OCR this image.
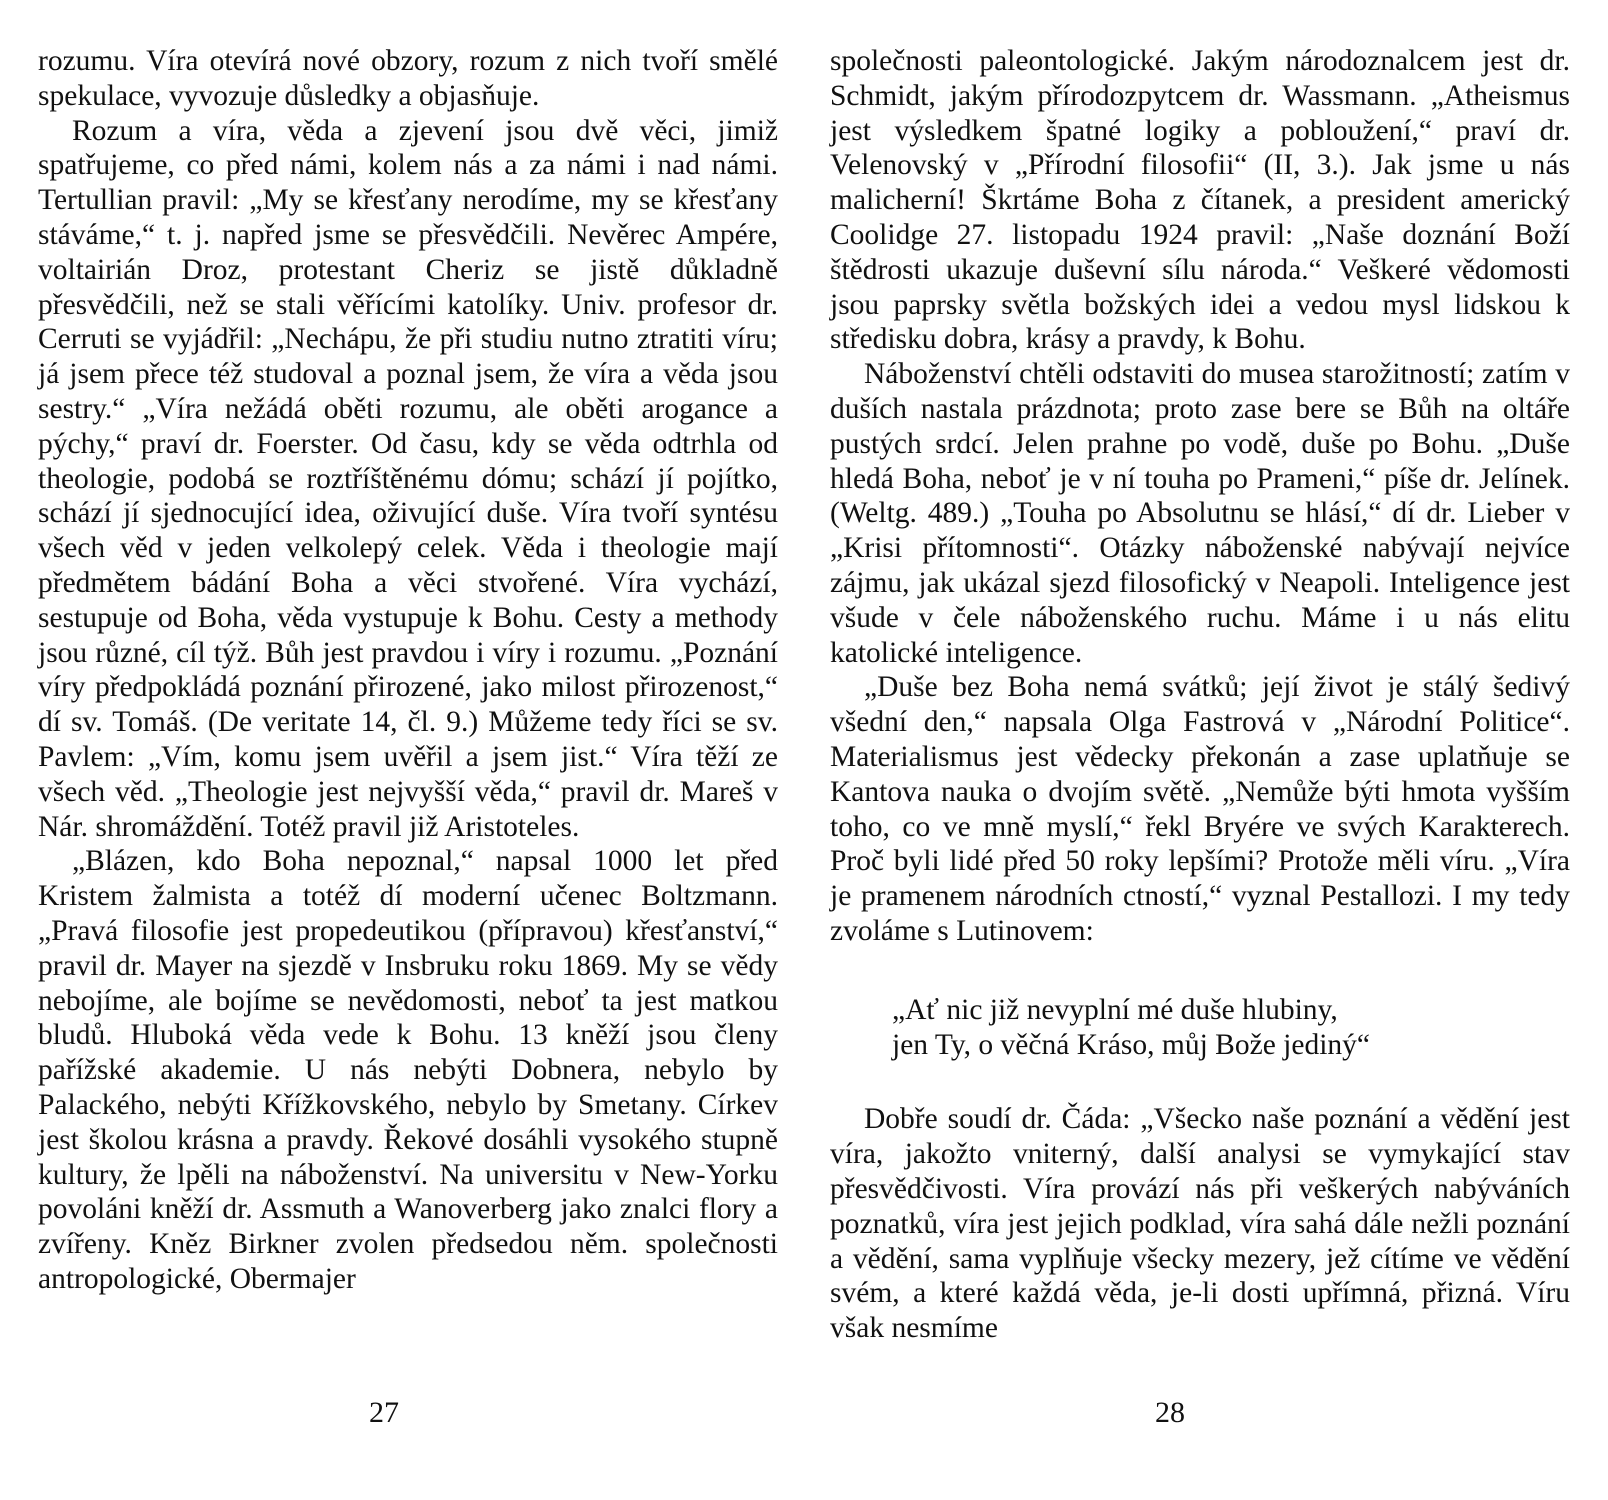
rozumu. Víra otevírá nové obzory, rozum z nich tvoří smělé spekulace, vyvozuje důsledky a objasňuje.

Rozum a víra, věda a zjevení jsou dvě věci, jimiž spatřujeme, co před námi, kolem nás a za námi i nad námi. Tertullian pravil: „My se křesťany nerodíme, my se křesťany stáváme,“ t. j. napřed jsme se přesvědčili. Nevěrec Ampére, voltairián Droz, protestant Cheriz se jistě důkladně přesvědčili, než se stali věřícími katolíky. Univ. profesor dr. Cerruti se vyjádřil: „Nechápu, že při studiu nutno ztratiti víru; já jsem přece též studoval a poznal jsem, že víra a věda jsou sestry.“ „Víra nežádá oběti rozumu, ale oběti arogance a pýchy,“ praví dr. Foerster. Od času, kdy se věda odtrhla od theologie, podobá se roztříštěnému dómu; schází jí pojítko, schází jí sjednocující idea, oživující duše. Víra tvoří syntésu všech věd v jeden velkolepý celek. Věda i theologie mají předmětem bádání Boha a věci stvořené. Víra vychází, sestupuje od Boha, věda vystupuje k Bohu. Cesty a methody jsou různé, cíl týž. Bůh jest pravdou i víry i rozumu. „Poznání víry předpokládá poznání přirozené, jako milost přirozenost,“ dí sv. Tomáš. (De veritate 14, čl. 9.) Můžeme tedy říci se sv. Pavlem: „Vím, komu jsem uvěřil a jsem jist.“ Víra těží ze všech věd. „Theologie jest nejvyšší věda,“ pravil dr. Mareš v Nár. shromáždění. Totéž pravil již Aristoteles.

„Blázen, kdo Boha nepoznal,“ napsal 1000 let před Kristem žalmista a totéž dí moderní učenec Boltzmann. „Pravá filosofie jest propedeutikou (přípravou) křesťanství,“ pravil dr. Mayer na sjezdě v Insbruku roku 1869. My se vědy nebojíme, ale bojíme se nevědomosti, neboť ta jest matkou bludů. Hluboká věda vede k Bohu. 13 kněží jsou členy pařížské akademie. U nás nebýti Dobnera, nebylo by Palackého, nebýti Křížkovského, nebylo by Smetany. Církev jest školou krásna a pravdy. Řekové dosáhli vysokého stupně kultury, že lpěli na náboženství. Na universitu v New-Yorku povoláni kněží dr. Assmuth a Wanoverberg jako znalci flory a zvířeny. Kněz Birkner zvolen předsedou něm. společnosti antropologické, Obermajer

27

společnosti paleontologické. Jakým národoznalcem jest dr. Schmidt, jakým přírodozpytcem dr. Wassmann. „Atheismus jest výsledkem špatné logiky a pobloužení,“ praví dr. Velenovský v „Přírodní filosofii“ (II, 3.). Jak jsme u nás malicherní! Škrtáme Boha z čítanek, a president americký Coolidge 27. listopadu 1924 pravil: „Naše doznání Boží štědrosti ukazuje duševní sílu národa.“ Veškeré vědomosti jsou paprsky světla božských idei a vedou mysl lidskou k středisku dobra, krásy a pravdy, k Bohu.

Náboženství chtěli odstaviti do musea starožitností; zatím v duších nastala prázdnota; proto zase bere se Bůh na oltáře pustých srdcí. Jelen prahne po vodě, duše po Bohu. „Duše hledá Boha, neboť je v ní touha po Prameni,“ píše dr. Jelínek. (Weltg. 489.) „Touha po Absolutnu se hlásí,“ dí dr. Lieber v „Krisi přítomnosti“. Otázky náboženské nabývají nejvíce zájmu, jak ukázal sjezd filosofický v Neapoli. Inteligence jest všude v čele náboženského ruchu. Máme i u nás elitu katolické inteligence.

„Duše bez Boha nemá svátků; její život je stálý šedivý všední den,“ napsala Olga Fastrová v „Národní Politice“. Materialismus jest vědecky překonán a zase uplatňuje se Kantova nauka o dvojím světě. „Nemůže býti hmota vyšším toho, co ve mně myslí,“ řekl Bryére ve svých Karakterech. Proč byli lidé před 50 roky lepšími? Protože měli víru. „Víra je pramenem národních ctností,“ vyznal Pestallozi. I my tedy zvoláme s Lutinovem:

„Ať nic již nevyplní mé duše hlubiny,
jen Ty, o věčná Kráso, můj Bože jediný“

Dobře soudí dr. Čáda: „Všecko naše poznání a vědění jest víra, jakožto vniterný, další analysi se vymykající stav přesvědčivosti. Víra provází nás při veškerých nabýváních poznatků, víra jest jejich podklad, víra sahá dále nežli poznání a vědění, sama vyplňuje všecky mezery, jež cítíme ve vědění svém, a které každá věda, je-li dosti upřímná, přizná. Víru však nesmíme

28
